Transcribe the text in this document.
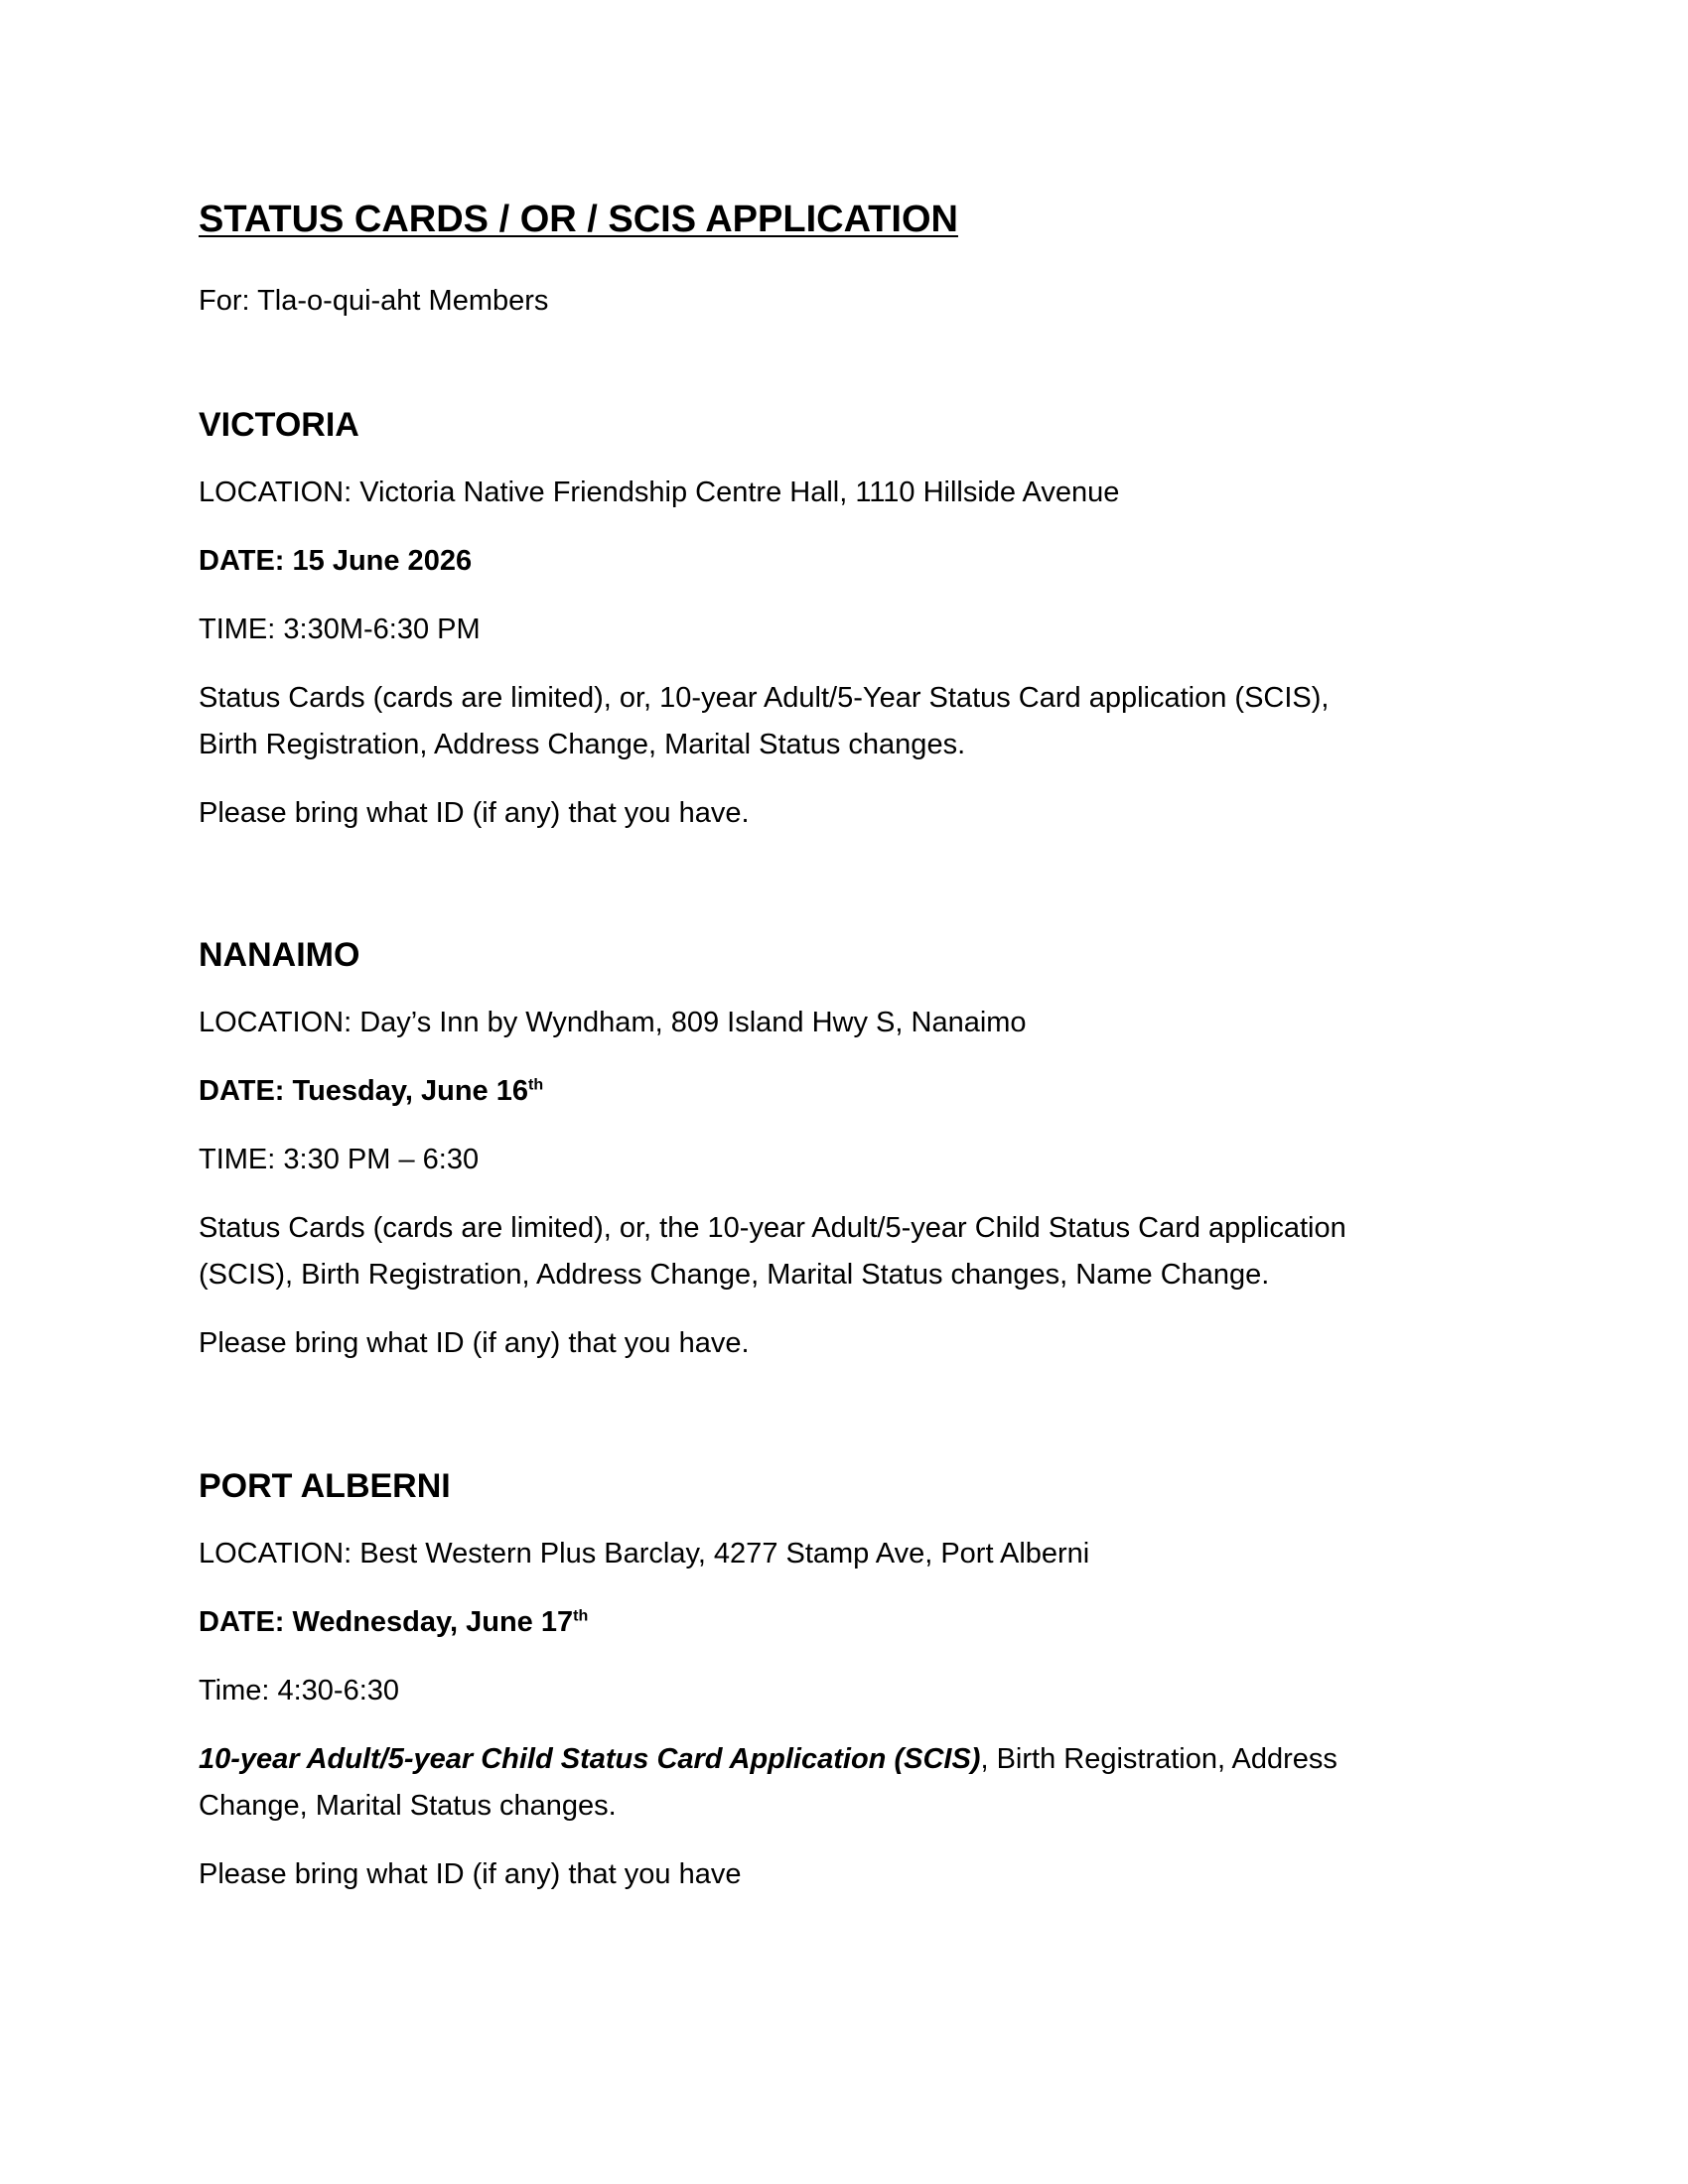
STATUS CARDS / OR / SCIS APPLICATION

For: Tla-o-qui-aht Members

VICTORIA

LOCATION: Victoria Native Friendship Centre Hall, 1110 Hillside Avenue

DATE: 15 June 2026

TIME: 3:30M-6:30 PM

Status Cards (cards are limited), or, 10-year Adult/5-Year Status Card application (SCIS),

Birth Registration, Address Change, Marital Status changes.

Please bring what ID (if any) that you have.

NANAIMO

LOCATION: Day’s Inn by Wyndham, 809 Island Hwy S, Nanaimo

DATE: Tuesday, June 16th

TIME: 3:30 PM – 6:30

Status Cards (cards are limited), or, the 10-year Adult/5-year Child Status Card application

(SCIS), Birth Registration, Address Change, Marital Status changes, Name Change.

Please bring what ID (if any) that you have.

PORT ALBERNI

LOCATION: Best Western Plus Barclay, 4277 Stamp Ave, Port Alberni

DATE: Wednesday, June 17th

Time: 4:30-6:30

10-year Adult/5-year Child Status Card Application (SCIS), Birth Registration, Address

Change, Marital Status changes.

Please bring what ID (if any) that you have
